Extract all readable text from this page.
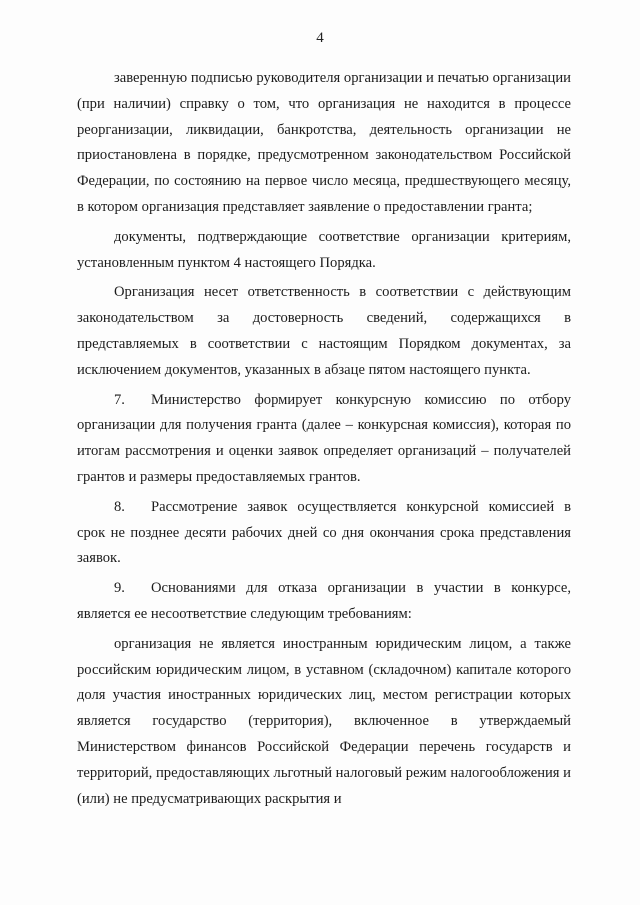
4

заверенную подписью руководителя организации и печатью организации (при наличии) справку о том, что организация не находится в процессе реорганизации, ликвидации, банкротства, деятельность организации не приостановлена в порядке, предусмотренном законодательством Российской Федерации, по состоянию на первое число месяца, предшествующего месяцу, в котором организация представляет заявление о предоставлении гранта;

документы, подтверждающие соответствие организации критериям, установленным пунктом 4 настоящего Порядка.

Организация несет ответственность в соответствии с действующим законодательством за достоверность сведений, содержащихся в представляемых в соответствии с настоящим Порядком документах, за исключением документов, указанных в абзаце пятом настоящего пункта.

7. Министерство формирует конкурсную комиссию по отбору организации для получения гранта (далее – конкурсная комиссия), которая по итогам рассмотрения и оценки заявок определяет организаций – получателей грантов и размеры предоставляемых грантов.

8. Рассмотрение заявок осуществляется конкурсной комиссией в срок не позднее десяти рабочих дней со дня окончания срока представления заявок.

9. Основаниями для отказа организации в участии в конкурсе, является ее несоответствие следующим требованиям:

организация не является иностранным юридическим лицом, а также российским юридическим лицом, в уставном (складочном) капитале которого доля участия иностранных юридических лиц, местом регистрации которых является государство (территория), включенное в утверждаемый Министерством финансов Российской Федерации перечень государств и территорий, предоставляющих льготный налоговый режим налогообложения и (или) не предусматривающих раскрытия и
